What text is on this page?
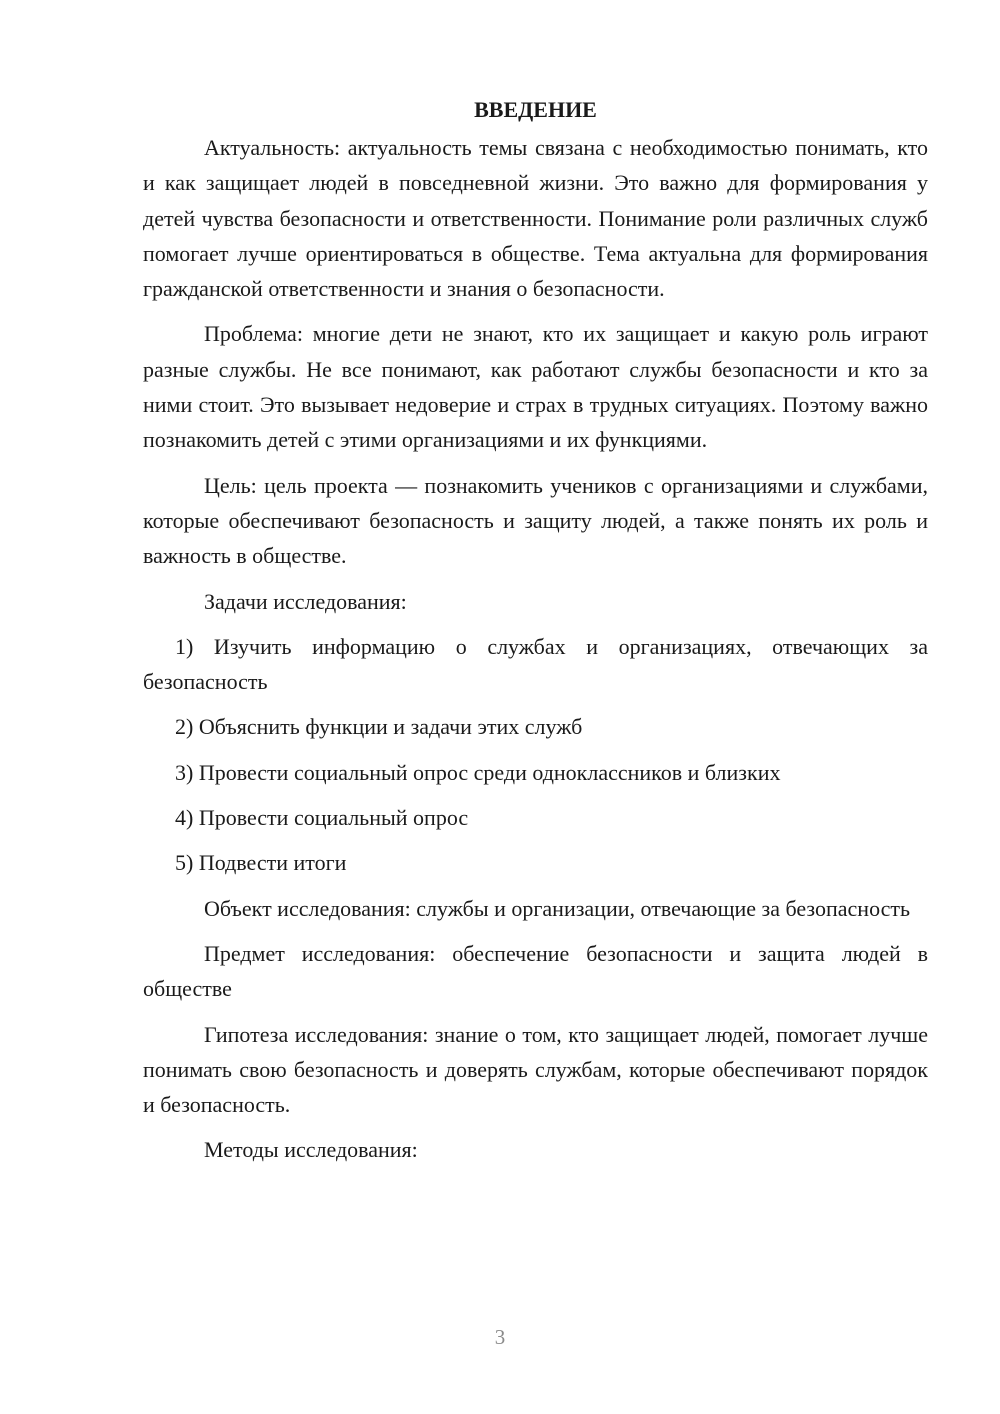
ВВЕДЕНИЕ

Актуальность: актуальность темы связана с необходимостью понимать, кто и как защищает людей в повседневной жизни. Это важно для формирования у детей чувства безопасности и ответственности. Понимание роли различных служб помогает лучше ориентироваться в обществе. Тема актуальна для формирования гражданской ответственности и знания о безопасности.

Проблема: многие дети не знают, кто их защищает и какую роль играют разные службы. Не все понимают, как работают службы безопасности и кто за ними стоит. Это вызывает недоверие и страх в трудных ситуациях. Поэтому важно познакомить детей с этими организациями и их функциями.

Цель: цель проекта — познакомить учеников с организациями и службами, которые обеспечивают безопасность и защиту людей, а также понять их роль и важность в обществе.

Задачи исследования:

1) Изучить информацию о службах и организациях, отвечающих за безопасность

2) Объяснить функции и задачи этих служб

3) Провести социальный опрос среди одноклассников и близких

4) Провести социальный опрос

5) Подвести итоги

Объект исследования: службы и организации, отвечающие за безопасность

Предмет исследования: обеспечение безопасности и защита людей в обществе

Гипотеза исследования: знание о том, кто защищает людей, помогает лучше понимать свою безопасность и доверять службам, которые обеспечивают порядок и безопасность.

Методы исследования:

3
